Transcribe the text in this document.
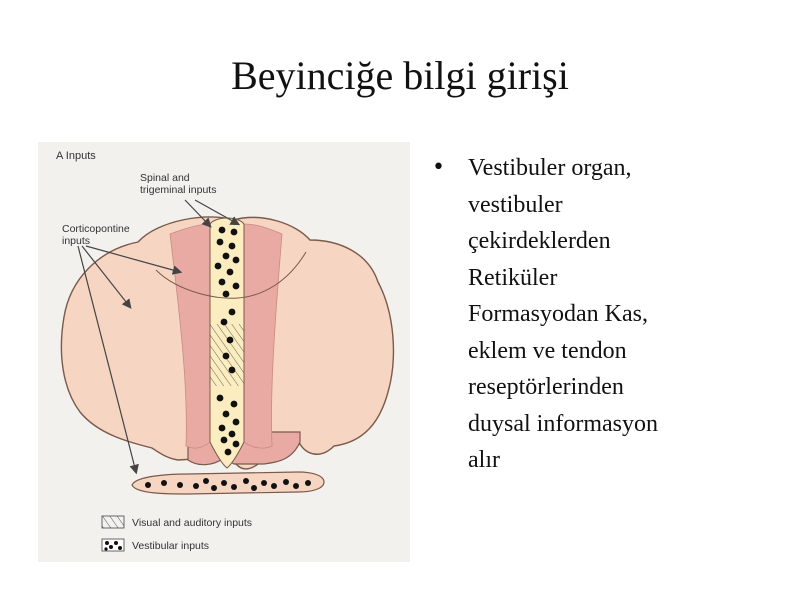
Beyinciğe bilgi girişi
A Inputs
Spinal and
trigeminal inputs
Corticopontine
inputs
Visual and auditory inputs
Vestibular inputs
• Vestibuler organ,
vestibuler
çekirdeklerden
Retiküler
Formasyodan Kas,
eklem ve tendon
reseptörlerinden
duysal informasyon
alır
